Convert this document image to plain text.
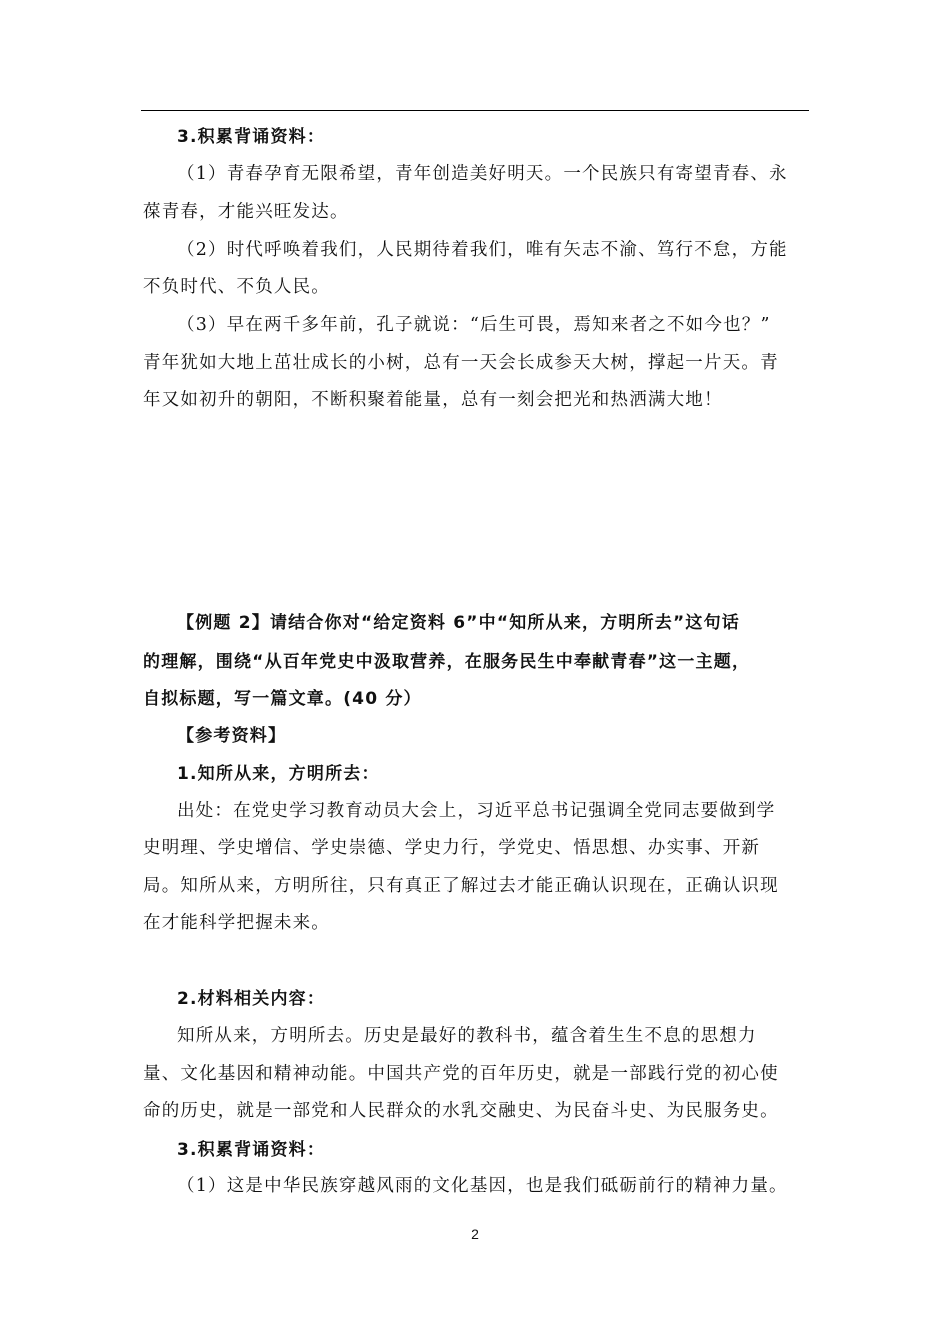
3.积累背诵资料：
（1）青春孕育无限希望，青年创造美好明天。一个民族只有寄望青春、永
葆青春，才能兴旺发达。
（2）时代呼唤着我们，人民期待着我们，唯有矢志不渝、笃行不怠，方能
不负时代、不负人民。
（3）早在两千多年前，孔子就说：“后生可畏，焉知来者之不如今也？”
青年犹如大地上茁壮成长的小树，总有一天会长成参天大树，撑起一片天。青
年又如初升的朝阳，不断积聚着能量，总有一刻会把光和热洒满大地！
【例题 2】请结合你对“给定资料 6”中“知所从来，方明所去”这句话
的理解，围绕“从百年党史中汲取营养，在服务民生中奉献青春”这一主题，
自拟标题，写一篇文章。(40 分）
【参考资料】
1.知所从来，方明所去：
出处：在党史学习教育动员大会上，习近平总书记强调全党同志要做到学
史明理、学史增信、学史崇德、学史力行，学党史、悟思想、办实事、开新
局。知所从来，方明所往，只有真正了解过去才能正确认识现在，正确认识现
在才能科学把握未来。
2.材料相关内容：
知所从来，方明所去。历史是最好的教科书，蕴含着生生不息的思想力
量、文化基因和精神动能。中国共产党的百年历史，就是一部践行党的初心使
命的历史，就是一部党和人民群众的水乳交融史、为民奋斗史、为民服务史。
3.积累背诵资料：
（1）这是中华民族穿越风雨的文化基因，也是我们砥砺前行的精神力量。
2
